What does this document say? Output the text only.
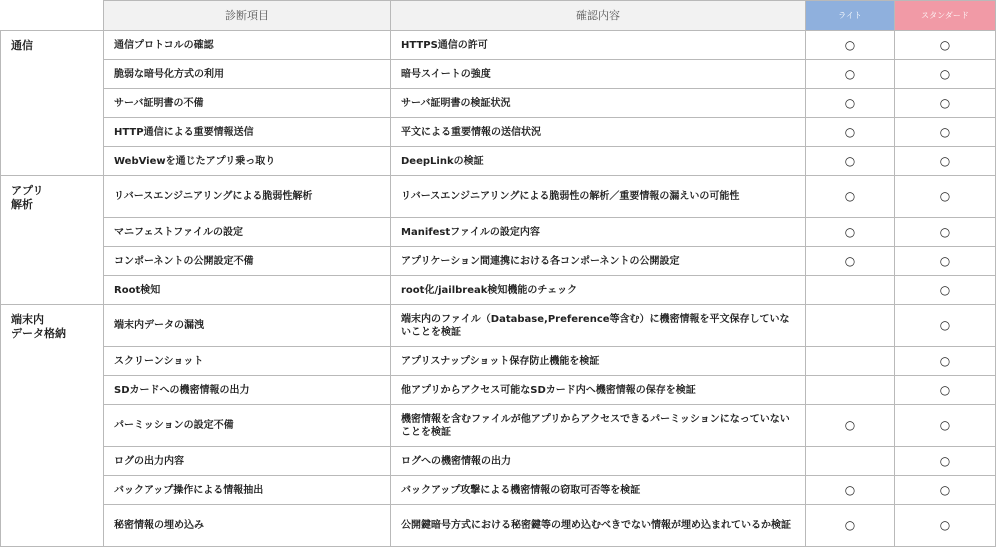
	診断項目	確認内容	ライト	スタンダード
通信	通信プロトコルの確認	HTTPS通信の許可	○	○
	脆弱な暗号化方式の利用	暗号スイートの強度	○	○
	サーバ証明書の不備	サーバ証明書の検証状況	○	○
	HTTP通信による重要情報送信	平文による重要情報の送信状況	○	○
	WebViewを通じたアプリ乗っ取り	DeepLinkの検証	○	○
アプリ
解析	リバースエンジニアリングによる脆弱性解析	リバースエンジニアリングによる脆弱性の解析／重要情報の漏えいの可能性	○	○
	マニフェストファイルの設定	Manifestファイルの設定内容	○	○
	コンポーネントの公開設定不備	アプリケーション間連携における各コンポーネントの公開設定	○	○
	Root検知	root化/jailbreak検知機能のチェック		○
端末内
データ格納	端末内データの漏洩	端末内のファイル（Database,Preference等含む）に機密情報を平文保存していないことを検証		○
	スクリーンショット	アプリスナップショット保存防止機能を検証		○
	SDカードへの機密情報の出力	他アプリからアクセス可能なSDカード内へ機密情報の保存を検証		○
	パーミッションの設定不備	機密情報を含むファイルが他アプリからアクセスできるパーミッションになっていないことを検証	○	○
	ログの出力内容	ログへの機密情報の出力		○
	バックアップ操作による情報抽出	バックアップ攻撃による機密情報の窃取可否等を検証	○	○
	秘密情報の埋め込み	公開鍵暗号方式における秘密鍵等の埋め込むべきでない情報が埋め込まれているか検証	○	○
